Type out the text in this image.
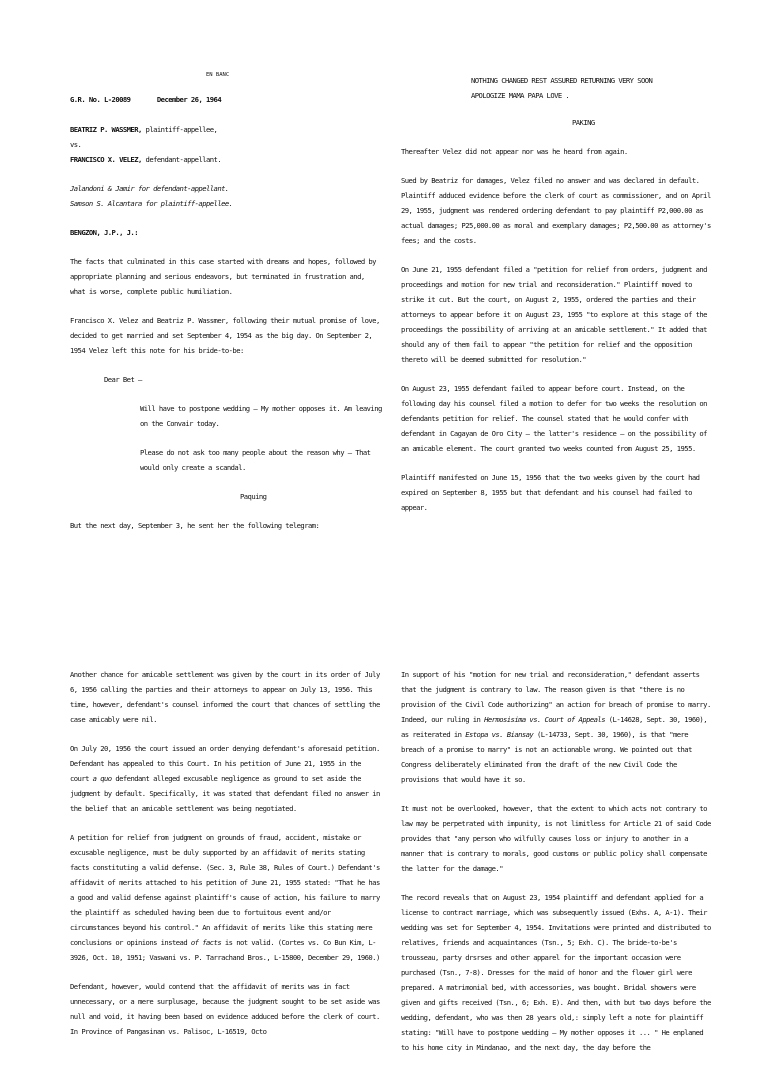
EN BANC

G.R. No. L-20089	December 26, 1964

BEATRIZ P. WASSMER, plaintiff-appellee,

vs.

FRANCISCO X. VELEZ, defendant-appellant.

Jalandoni & Jamir for defendant-appellant.

Samson S. Alcantara for plaintiff-appellee.

BENGZON, J.P., J.:

The facts that culminated in this case started with dreams and hopes, followed by appropriate planning and serious endeavors, but terminated in frustration and, what is worse, complete public humiliation.

Francisco X. Velez and Beatriz P. Wassmer, following their mutual promise of love, decided to get married and set September 4, 1954 as the big day. On September 2, 1954 Velez left this note for his bride-to-be:

Dear Bet —

Will have to postpone wedding — My mother opposes it. Am leaving on the Convair today.

Please do not ask too many people about the reason why — That would only create a scandal.

Paquing

But the next day, September 3, he sent her the following telegram:

NOTHING CHANGED REST ASSURED RETURNING VERY SOON

APOLOGIZE MAMA PAPA LOVE .

PAKING

Thereafter Velez did not appear nor was he heard from again.

Sued by Beatriz for damages, Velez filed no answer and was declared in default. Plaintiff adduced evidence before the clerk of court as commissioner, and on April 29, 1955, judgment was rendered ordering defendant to pay plaintiff P2,000.00 as actual damages; P25,000.00 as moral and exemplary damages; P2,500.00 as attorney's fees; and the costs.

On June 21, 1955 defendant filed a "petition for relief from orders, judgment and proceedings and motion for new trial and reconsideration." Plaintiff moved to strike it cut. But the court, on August 2, 1955, ordered the parties and their attorneys to appear before it on August 23, 1955 "to explore at this stage of the proceedings the possibility of arriving at an amicable settlement." It added that should any of them fail to appear "the petition for relief and the opposition thereto will be deemed submitted for resolution."

On August 23, 1955 defendant failed to appear before court. Instead, on the following day his counsel filed a motion to defer for two weeks the resolution on defendants petition for relief. The counsel stated that he would confer with defendant in Cagayan de Oro City — the latter's residence — on the possibility of an amicable element. The court granted two weeks counted from August 25, 1955.

Plaintiff manifested on June 15, 1956 that the two weeks given by the court had expired on September 8, 1955 but that defendant and his counsel had failed to appear.

Another chance for amicable settlement was given by the court in its order of July 6, 1956 calling the parties and their attorneys to appear on July 13, 1956. This time, however, defendant's counsel informed the court that chances of settling the case amicably were nil.

On July 20, 1956 the court issued an order denying defendant's aforesaid petition. Defendant has appealed to this Court. In his petition of June 21, 1955 in the court a quo defendant alleged excusable negligence as ground to set aside the judgment by default. Specifically, it was stated that defendant filed no answer in the belief that an amicable settlement was being negotiated.

A petition for relief from judgment on grounds of fraud, accident, mistake or excusable negligence, must be duly supported by an affidavit of merits stating facts constituting a valid defense. (Sec. 3, Rule 38, Rules of Court.) Defendant's affidavit of merits attached to his petition of June 21, 1955 stated: "That he has a good and valid defense against plaintiff's cause of action, his failure to marry the plaintiff as scheduled having been due to fortuitous event and/or circumstances beyond his control." An affidavit of merits like this stating mere conclusions or opinions instead of facts is not valid. (Cortes vs. Co Bun Kim, L-3926, Oct. 10, 1951; Vaswani vs. P. Tarrachand Bros., L-15800, December 29, 1960.)

Defendant, however, would contend that the affidavit of merits was in fact unnecessary, or a mere surplusage, because the judgment sought to be set aside was null and void, it having been based on evidence adduced before the clerk of court. In Province of Pangasinan vs. Palisoc, L-16519, Octo

In support of his "motion for new trial and reconsideration," defendant asserts that the judgment is contrary to law. The reason given is that "there is no provision of the Civil Code authorizing" an action for breach of promise to marry. Indeed, our ruling in Hermosisima vs. Court of Appeals (L-14628, Sept. 30, 1960), as reiterated in Estopa vs. Biansay (L-14733, Sept. 30, 1960), is that "mere breach of a promise to marry" is not an actionable wrong. We pointed out that Congress deliberately eliminated from the draft of the new Civil Code the provisions that would have it so.

It must not be overlooked, however, that the extent to which acts not contrary to law may be perpetrated with impunity, is not limitless for Article 21 of said Code provides that "any person who wilfully causes loss or injury to another in a manner that is contrary to morals, good customs or public policy shall compensate the latter for the damage."

The record reveals that on August 23, 1954 plaintiff and defendant applied for a license to contract marriage, which was subsequently issued (Exhs. A, A-1). Their wedding was set for September 4, 1954. Invitations were printed and distributed to relatives, friends and acquaintances (Tsn., 5; Exh. C). The bride-to-be's trousseau, party drsrses and other apparel for the important occasion were purchased (Tsn., 7-8). Dresses for the maid of honor and the flower girl were prepared. A matrimonial bed, with accessories, was bought. Bridal showers were given and gifts received (Tsn., 6; Exh. E). And then, with but two days before the wedding, defendant, who was then 28 years old,: simply left a note for plaintiff stating: "Will have to postpone wedding — My mother opposes it ... " He enplaned to his home city in Mindanao, and the next day, the day before the
